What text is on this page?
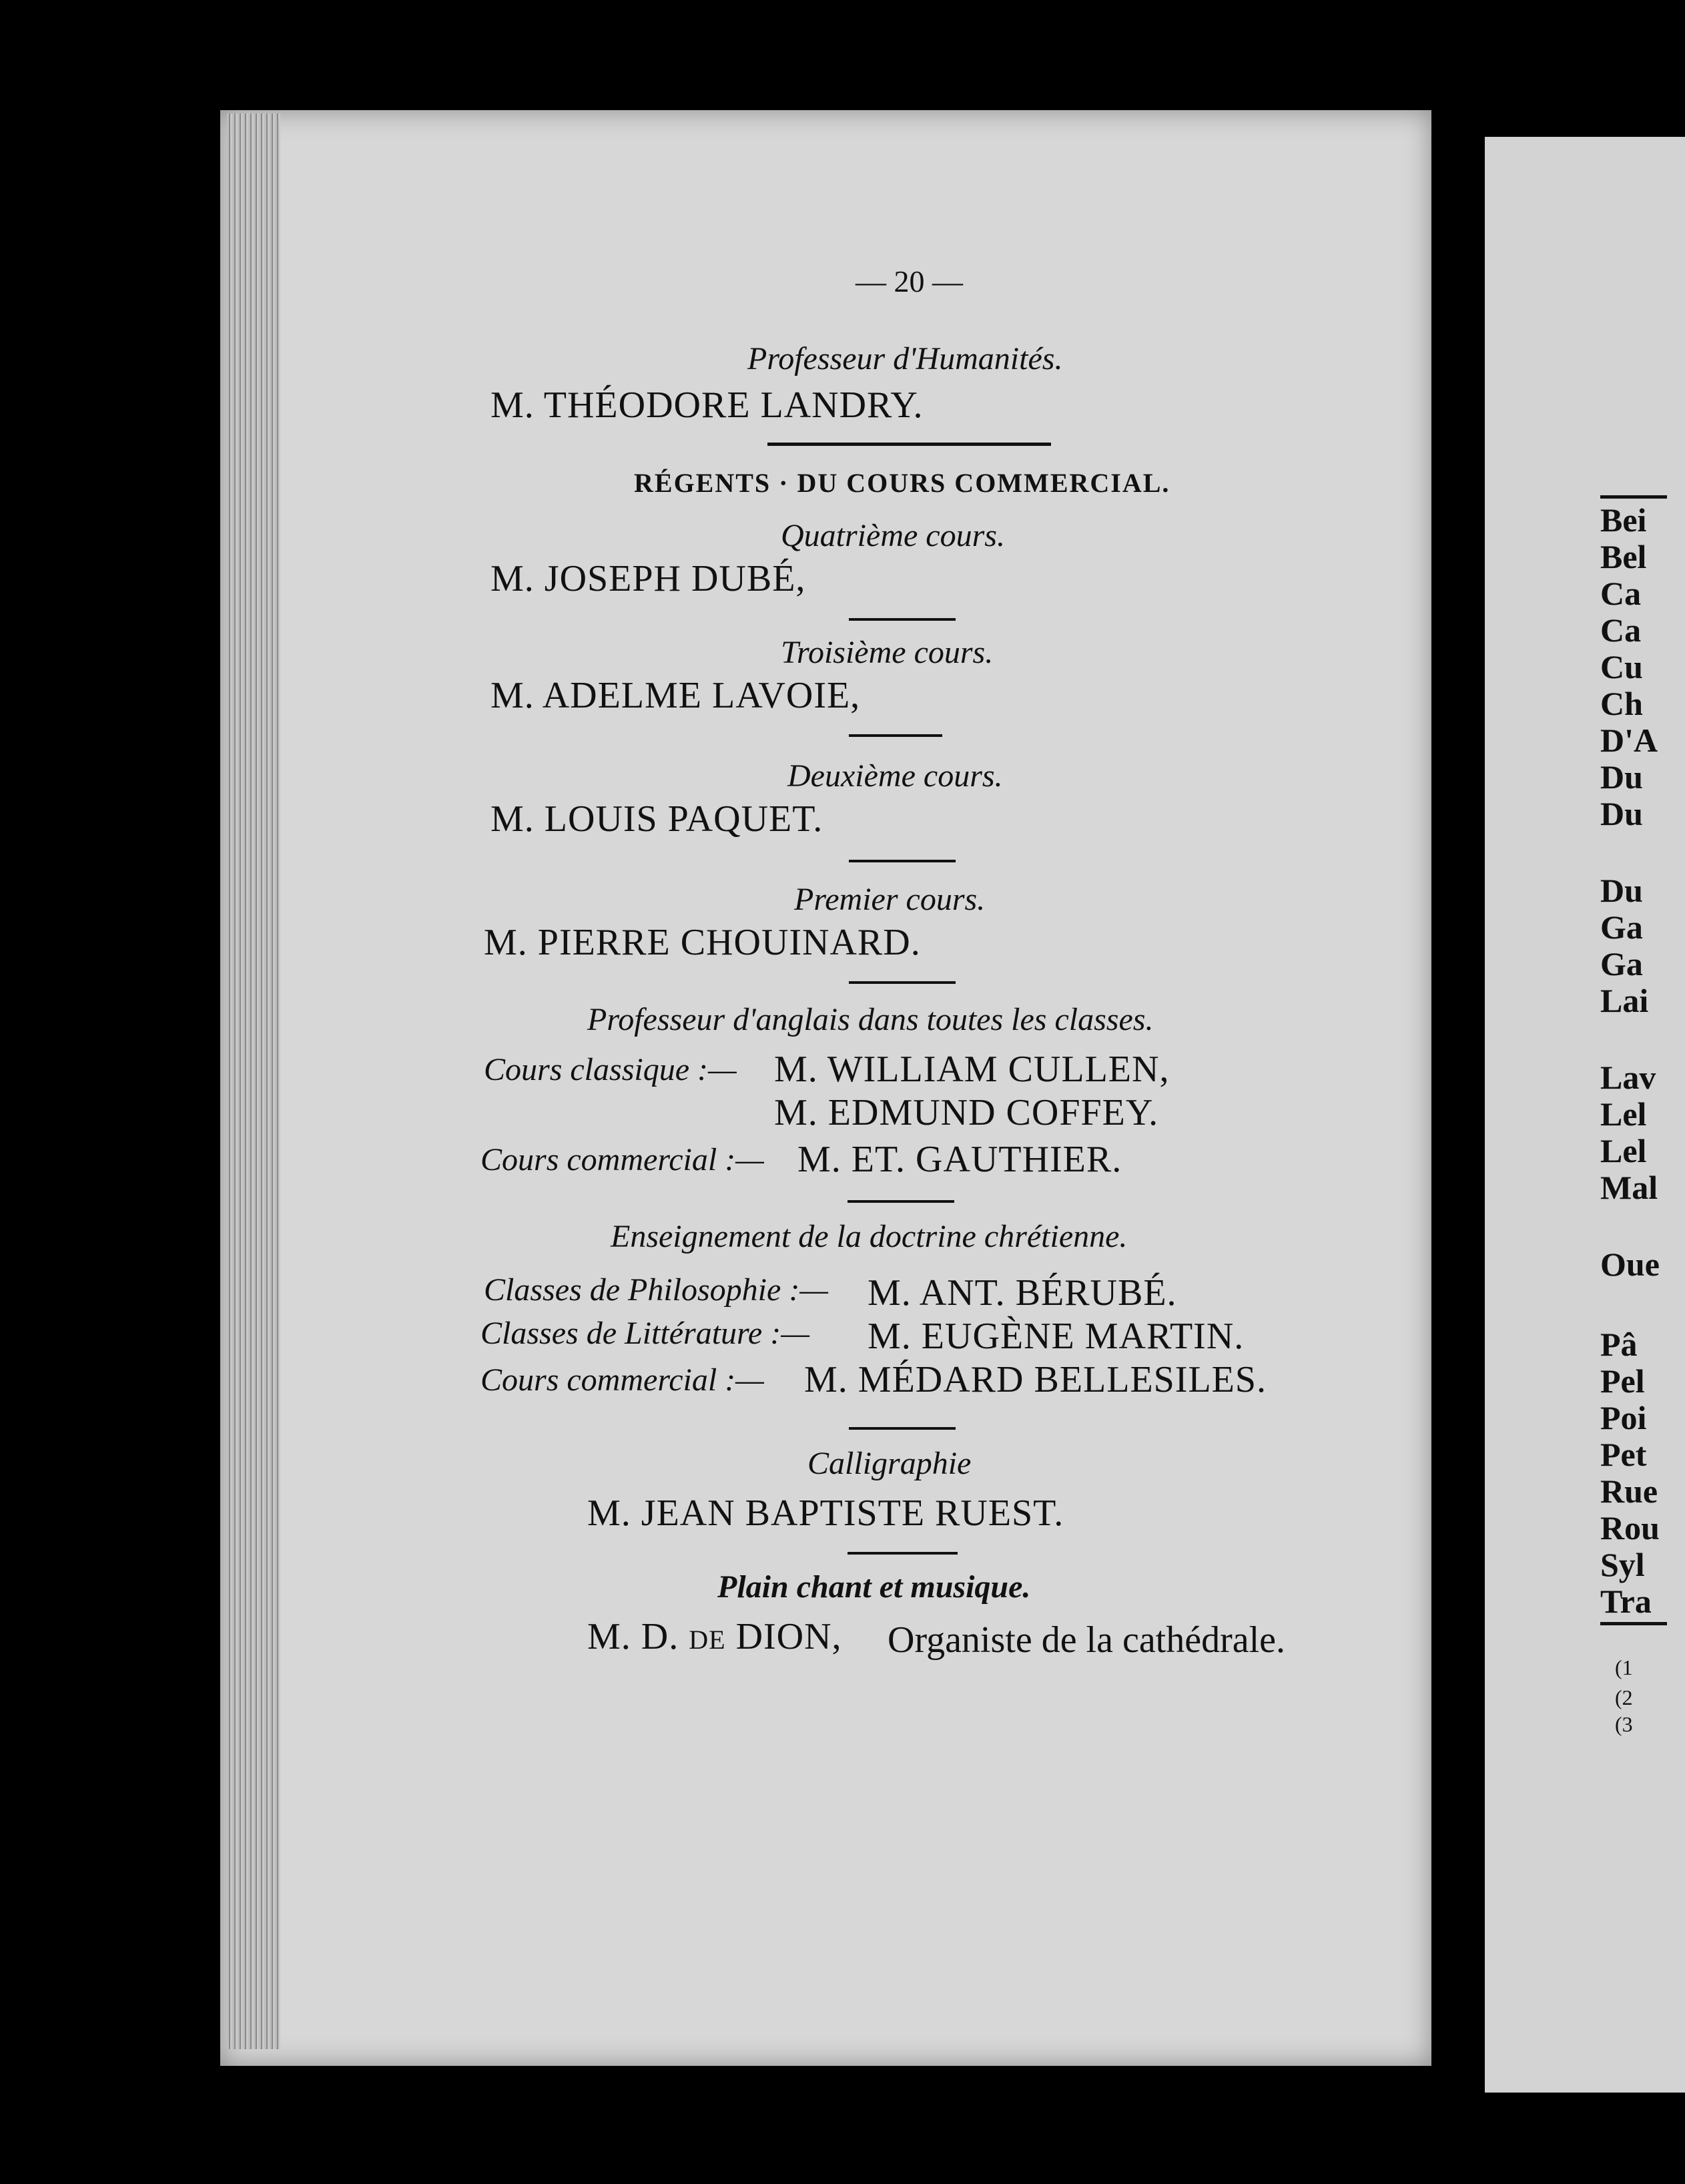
— 20 —
Professeur d'Humanités.
M. THÉODORE LANDRY.
RÉGENTS · DU COURS COMMERCIAL.
Quatrième cours.
M. JOSEPH DUBÉ,
Troisième cours.
M. ADELME LAVOIE,
Deuxième cours.
M. LOUIS PAQUET.
Premier cours.
M. PIERRE CHOUINARD.
Professeur d'anglais dans toutes les classes.
Cours classique :— M. WILLIAM CULLEN,
M. EDMUND COFFEY.
Cours commercial :— M. ET. GAUTHIER.
Enseignement de la doctrine chrétienne.
Classes de Philosophie :— M. ANT. BÉRUBÉ.
Classes de Littérature :— M. EUGÈNE MARTIN.
Cours commercial :— M. MÉDARD BELLESILES.
Calligraphie
M. JEAN BAPTISTE RUEST.
Plain chant et musique.
M. D. DE DION, Organiste de la cathédrale.
Bei
Bel
Ca
Ca
Cu
Ch
D'A
Du
Du
Du
Ga
Ga
Lai
Lav
Lel
Lel
Mal
Oue
Pâ
Pel
Poi
Pet
Rue
Rou
Syl
Tra
(1
(2
(3
